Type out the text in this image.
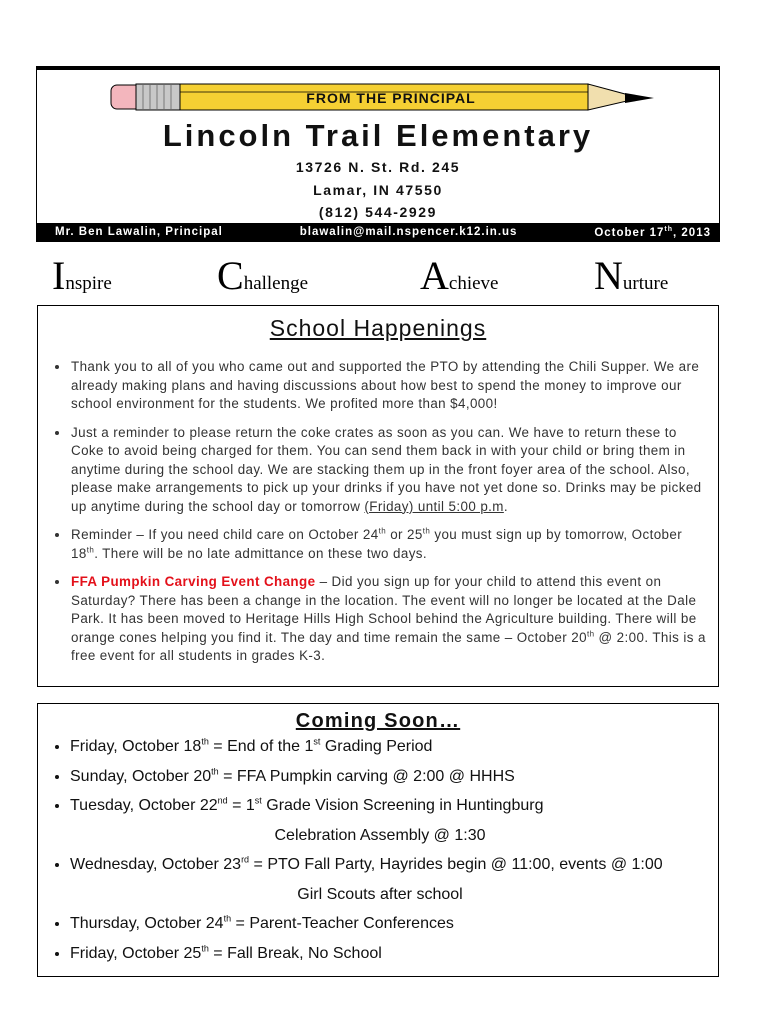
FROM THE PRINCIPAL
Lincoln Trail Elementary
13726 N. St. Rd. 245
Lamar, IN 47550
(812) 544-2929
Mr. Ben Lawalin, Principal	blawalin@mail.nspencer.k12.in.us	October 17th, 2013
Inspire	Challenge	Achieve Nurture
School Happenings
• Thank you to all of you who came out and supported the PTO by attending the Chili Supper. We are already making plans and having discussions about how best to spend the money to improve our school environment for the students. We profited more than $4,000!
• Just a reminder to please return the coke crates as soon as you can. We have to return these to Coke to avoid being charged for them. You can send them back in with your child or bring them in anytime during the school day. We are stacking them up in the front foyer area of the school. Also, please make arrangements to pick up your drinks if you have not yet done so. Drinks may be picked up anytime during the school day or tomorrow (Friday) until 5:00 p.m.
• Reminder – If you need child care on October 24th or 25th you must sign up by tomorrow, October 18th. There will be no late admittance on these two days.
• FFA Pumpkin Carving Event Change – Did you sign up for your child to attend this event on Saturday? There has been a change in the location. The event will no longer be located at the Dale Park. It has been moved to Heritage Hills High School behind the Agriculture building. There will be orange cones helping you find it. The day and time remain the same – October 20th @ 2:00. This is a free event for all students in grades K-3.
Coming Soon…
• Friday, October 18th = End of the 1st Grading Period
• Sunday, October 20th = FFA Pumpkin carving @ 2:00 @ HHHS
• Tuesday, October 22nd = 1st Grade Vision Screening in Huntingburg
Celebration Assembly @ 1:30
• Wednesday, October 23rd = PTO Fall Party, Hayrides begin @ 11:00, events @ 1:00
Girl Scouts after school
• Thursday, October 24th = Parent-Teacher Conferences
• Friday, October 25th = Fall Break, No School
